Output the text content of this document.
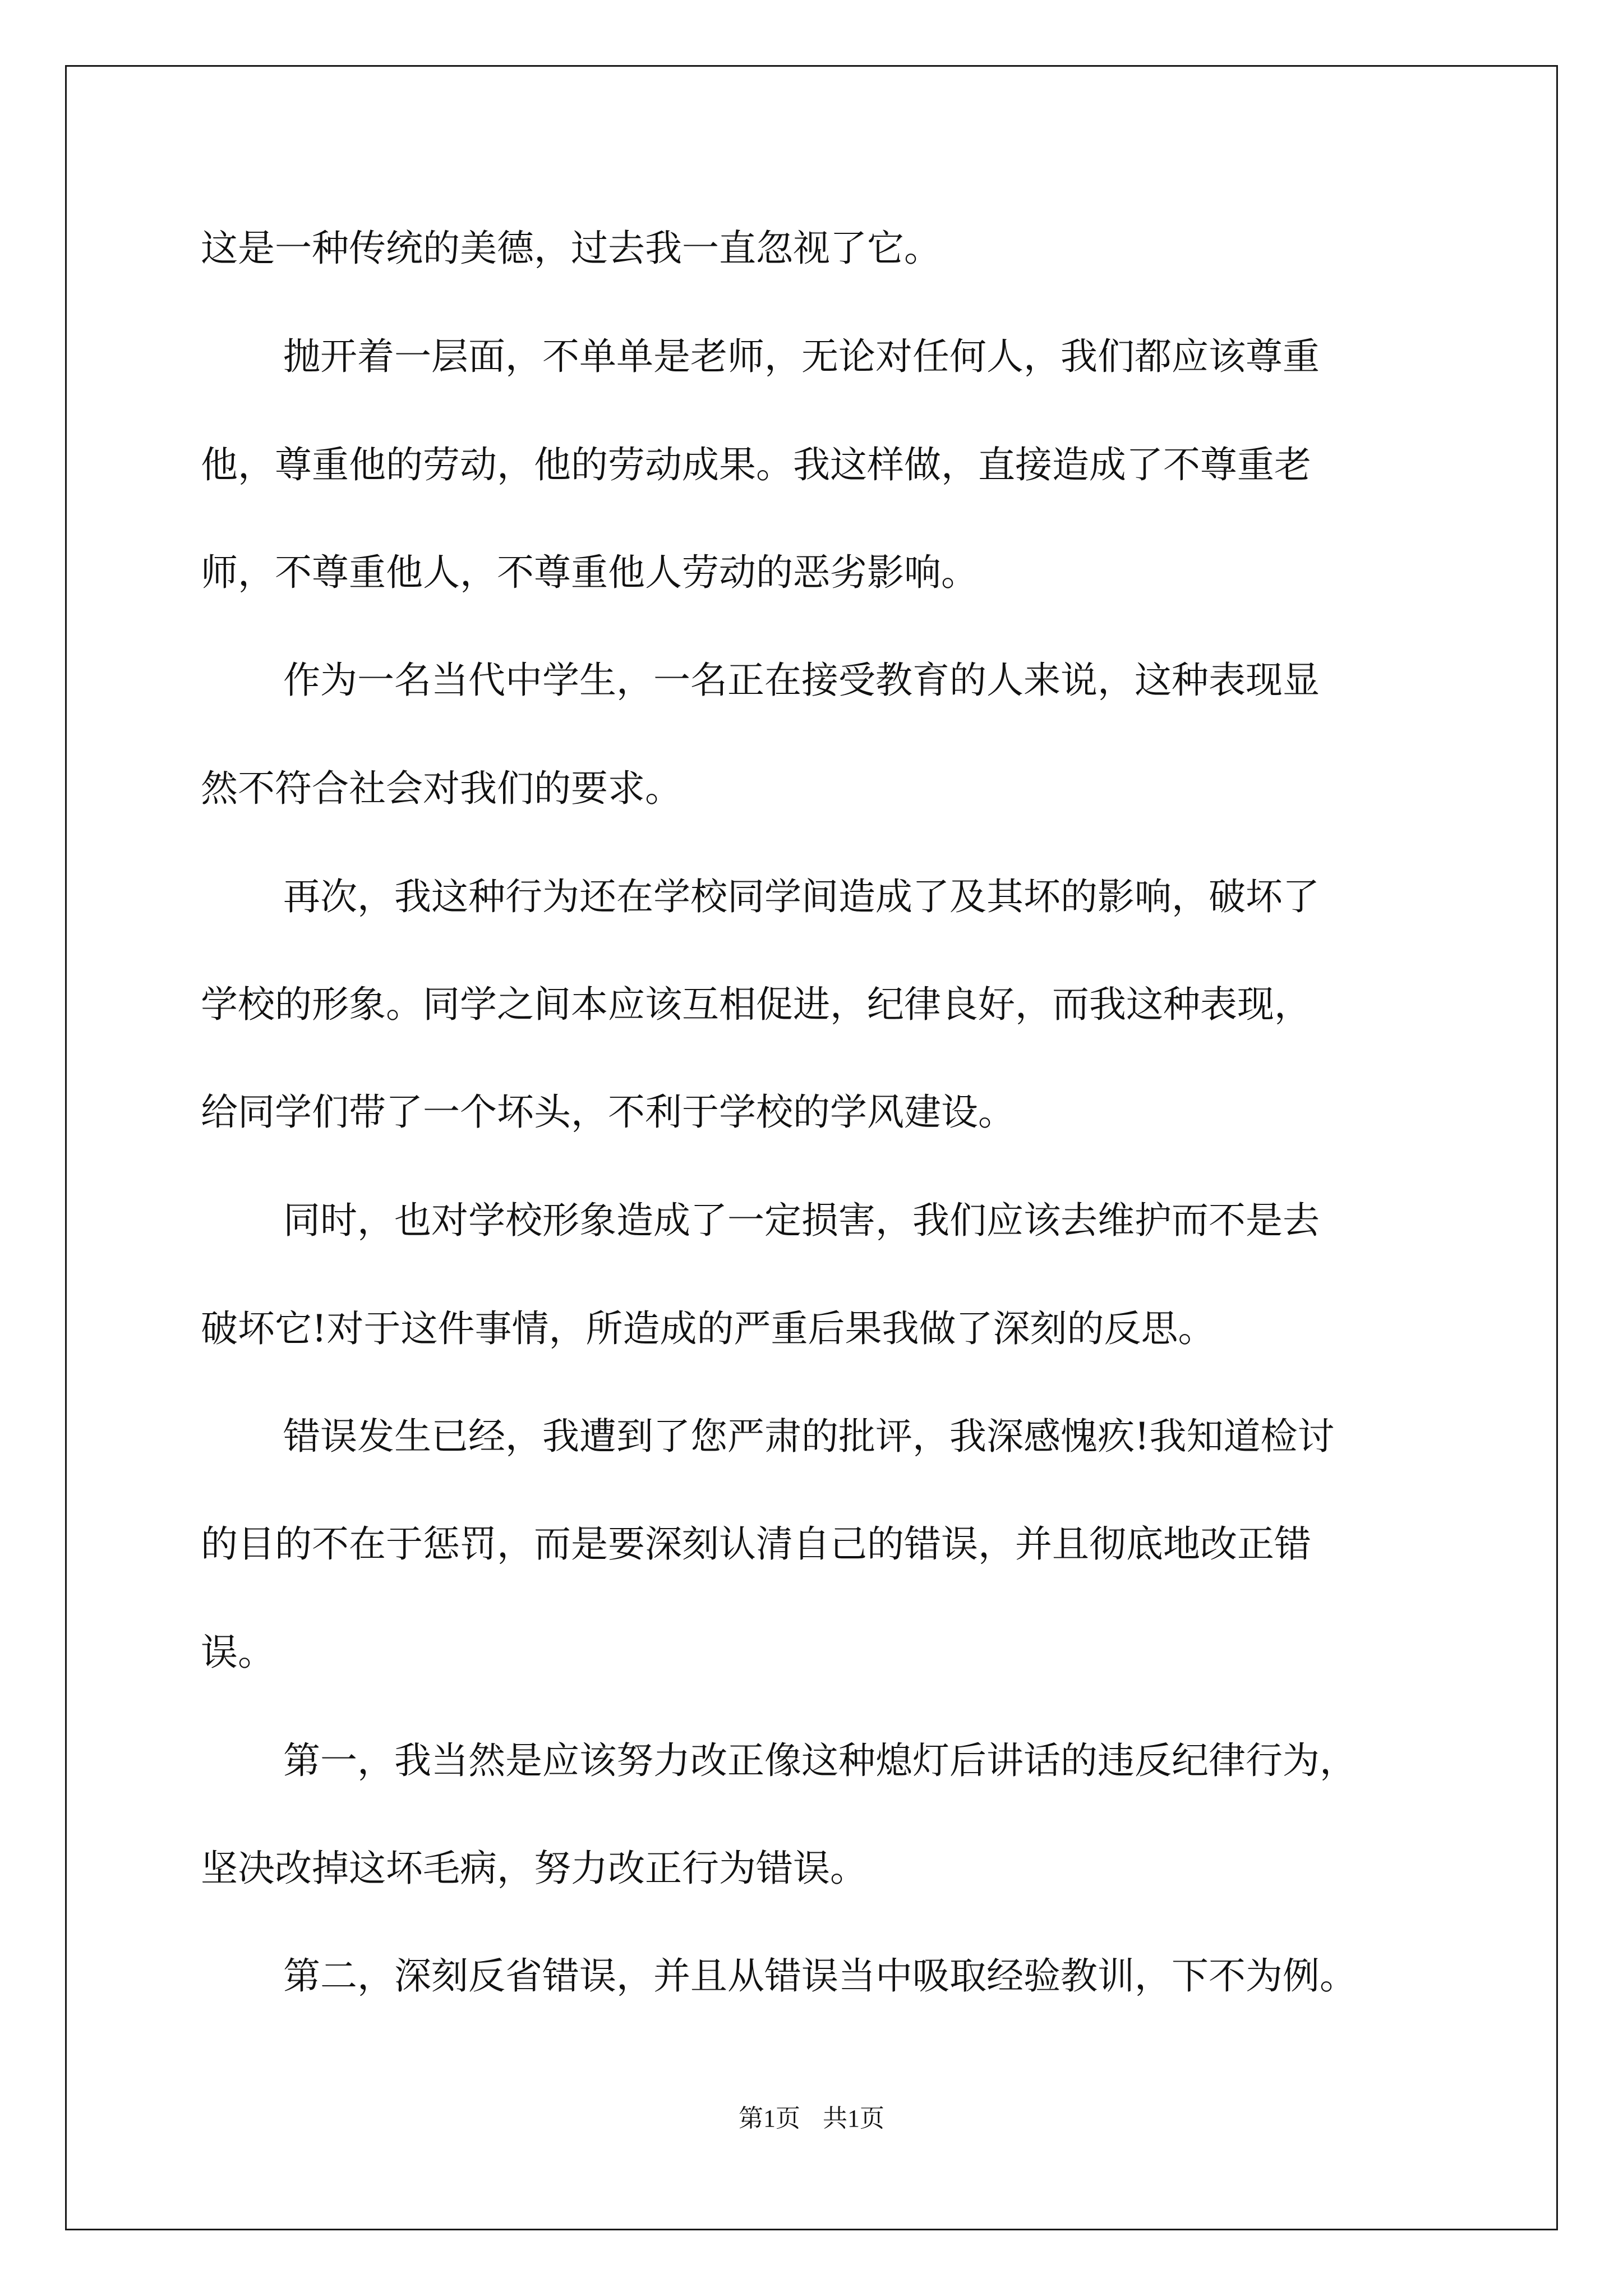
这是一种传统的美德，过去我一直忽视了它。
抛开着一层面，不单单是老师，无论对任何人，我们都应该尊重
他，尊重他的劳动，他的劳动成果。我这样做，直接造成了不尊重老
师，不尊重他人，不尊重他人劳动的恶劣影响。
作为一名当代中学生，一名正在接受教育的人来说，这种表现显
然不符合社会对我们的要求。
再次，我这种行为还在学校同学间造成了及其坏的影响，破坏了
学校的形象。同学之间本应该互相促进，纪律良好，而我这种表现，
给同学们带了一个坏头，不利于学校的学风建设。
同时，也对学校形象造成了一定损害，我们应该去维护而不是去
破坏它!对于这件事情，所造成的严重后果我做了深刻的反思。
错误发生已经，我遭到了您严肃的批评，我深感愧疚!我知道检讨
的目的不在于惩罚，而是要深刻认清自己的错误，并且彻底地改正错
误。
第一，我当然是应该努力改正像这种熄灯后讲话的违反纪律行为，
坚决改掉这坏毛病，努力改正行为错误。
第二，深刻反省错误，并且从错误当中吸取经验教训，下不为例。
第1页 共1页
